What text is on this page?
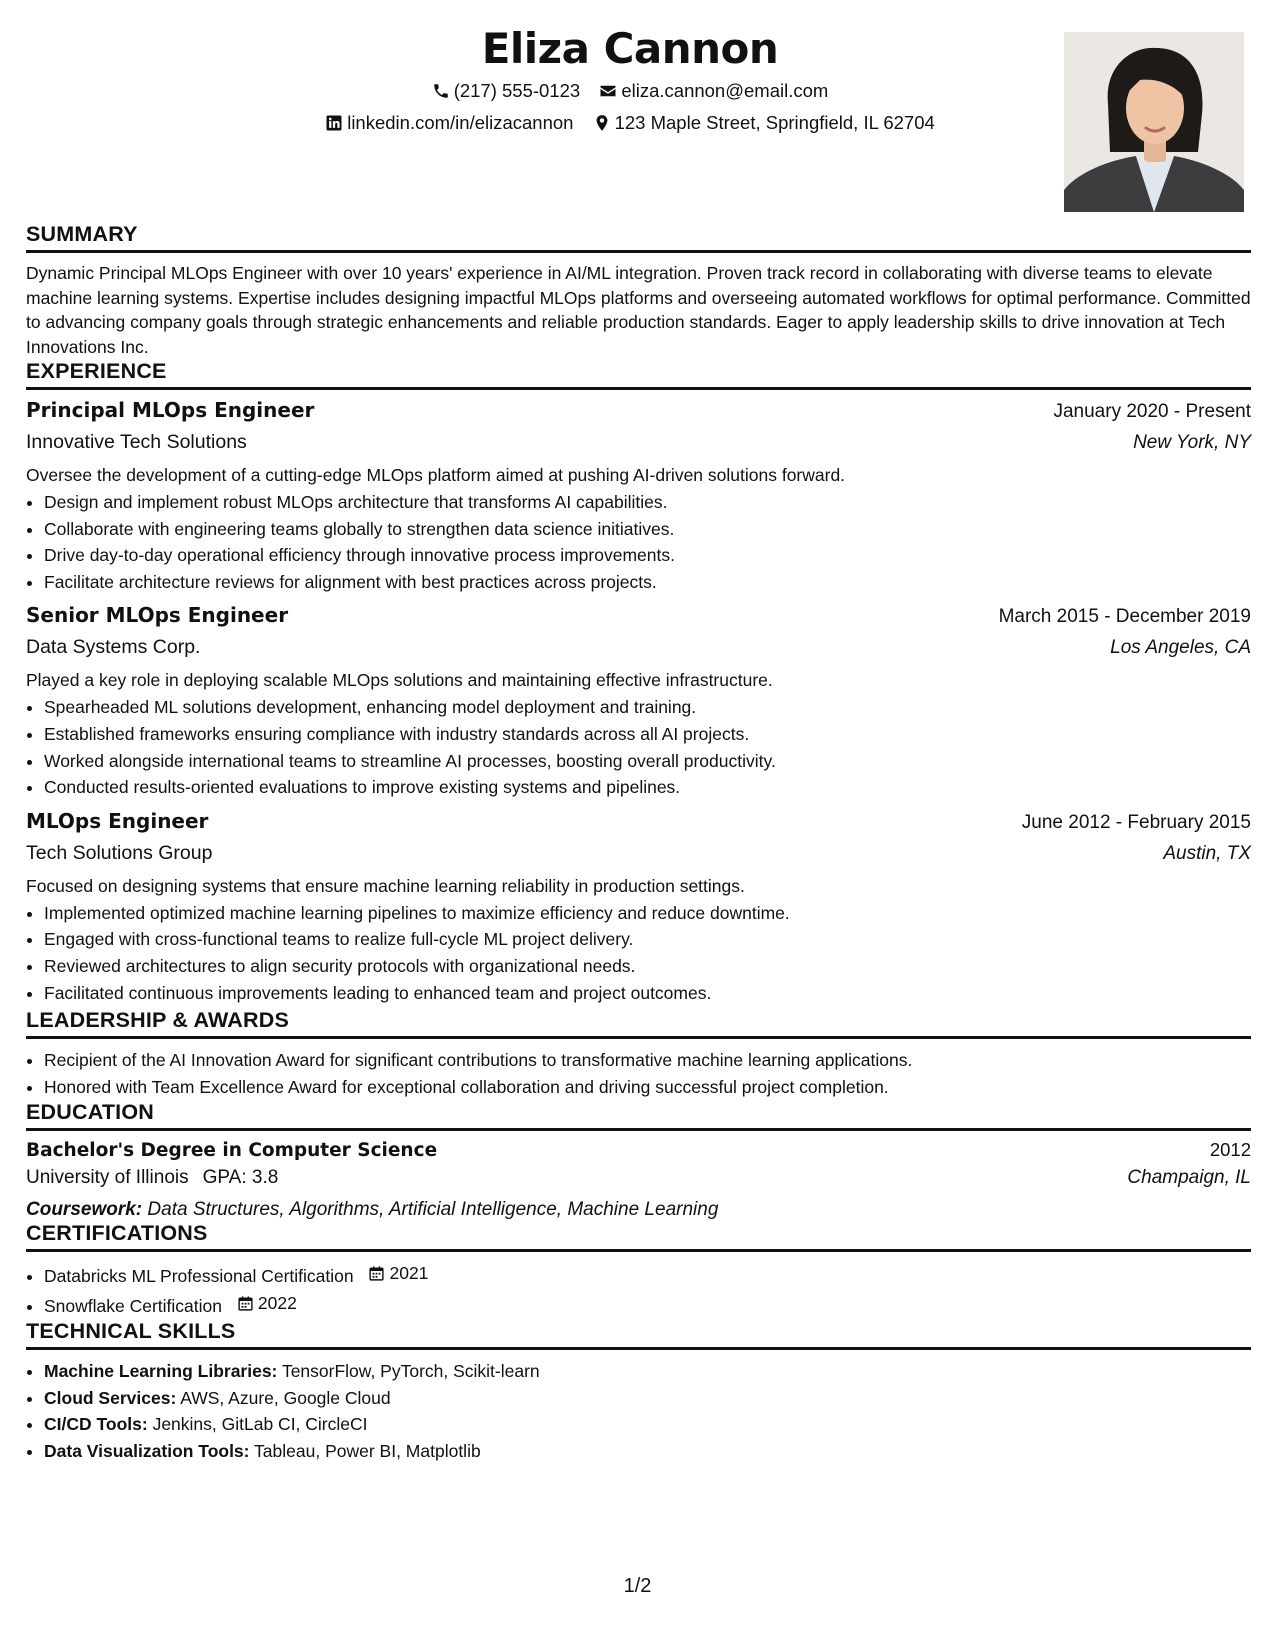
Eliza Cannon
(217) 555-0123
eliza.cannon@email.com
linkedin.com/in/elizacannon
123 Maple Street, Springfield, IL 62704
SUMMARY
Dynamic Principal MLOps Engineer with over 10 years' experience in AI/ML integration. Proven track record in collaborating with diverse teams to elevate machine learning systems. Expertise includes designing impactful MLOps platforms and overseeing automated workflows for optimal performance. Committed to advancing company goals through strategic enhancements and reliable production standards. Eager to apply leadership skills to drive innovation at Tech Innovations Inc.
EXPERIENCE
Principal MLOps Engineer	January 2020 - Present
Innovative Tech Solutions	New York, NY
Oversee the development of a cutting-edge MLOps platform aimed at pushing AI-driven solutions forward.
• Design and implement robust MLOps architecture that transforms AI capabilities.
• Collaborate with engineering teams globally to strengthen data science initiatives.
• Drive day-to-day operational efficiency through innovative process improvements.
• Facilitate architecture reviews for alignment with best practices across projects.
Senior MLOps Engineer	March 2015 - December 2019
Data Systems Corp.	Los Angeles, CA
Played a key role in deploying scalable MLOps solutions and maintaining effective infrastructure.
• Spearheaded ML solutions development, enhancing model deployment and training.
• Established frameworks ensuring compliance with industry standards across all AI projects.
• Worked alongside international teams to streamline AI processes, boosting overall productivity.
• Conducted results-oriented evaluations to improve existing systems and pipelines.
MLOps Engineer	June 2012 - February 2015
Tech Solutions Group	Austin, TX
Focused on designing systems that ensure machine learning reliability in production settings.
• Implemented optimized machine learning pipelines to maximize efficiency and reduce downtime.
• Engaged with cross-functional teams to realize full-cycle ML project delivery.
• Reviewed architectures to align security protocols with organizational needs.
• Facilitated continuous improvements leading to enhanced team and project outcomes.
LEADERSHIP & AWARDS
• Recipient of the AI Innovation Award for significant contributions to transformative machine learning applications.
• Honored with Team Excellence Award for exceptional collaboration and driving successful project completion.
EDUCATION
Bachelor's Degree in Computer Science	2012
University of Illinois GPA: 3.8	Champaign, IL
Coursework: Data Structures, Algorithms, Artificial Intelligence, Machine Learning
CERTIFICATIONS
• Databricks ML Professional Certification 2021
• Snowflake Certification 2022
TECHNICAL SKILLS
• Machine Learning Libraries: TensorFlow, PyTorch, Scikit-learn
• Cloud Services: AWS, Azure, Google Cloud
• CI/CD Tools: Jenkins, GitLab CI, CircleCI
• Data Visualization Tools: Tableau, Power BI, Matplotlib
1/2
